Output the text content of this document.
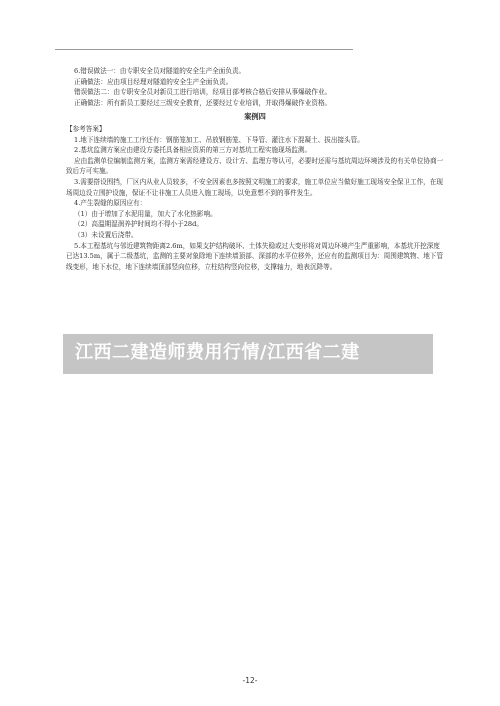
6.错误做法一：由专职安全员对隧道的安全生产全面负责。

正确做法：应由项目经理对隧道的安全生产全面负责。

错误做法二：由专职安全员对新员工进行培训，经项目部考核合格后安排从事爆破作业。

正确做法：所有新员工要经过三级安全教育，还要经过专业培训，并取得爆破作业资格。

案例四

【参考答案】

1.地下连续墙的施工工序还有：钢筋笼加工、吊放钢筋笼、下导管、灌注水下混凝土、拔出接头管。

2.基坑监测方案应由建设方委托具备相应资质的第三方对基坑工程实施现场监测。

应由监测单位编制监测方案，监测方案需经建设方、设计方、监理方等认可，必要时还需与基坑周边环境涉及的有关单位协商一致后方可实施。

3.需要搭设围挡，厂区内从业人员较多，不安全因素也多按照文明施工的要求，施工单位应当做好施工现场安全保卫工作，在现场周边设立围护设施，保证不让非施工人员进入施工现场，以免意想不到的事件发生。

4.产生裂缝的原因应有：

（1）由于增加了水泥用量，加大了水化热影响。

（2）高温期湿润养护时间均不得小于28d。

（3）未设置后浇带。

5.本工程基坑与邻近建筑物距离2.6m，如果支护结构破坏、土体失稳或过大变形将对周边环境产生严重影响，本基坑开挖深度已达13.5m，属于二级基坑，监测的主要对象除地下连续墙顶部、深部的水平位移外，还应有的监测项目为：周围建筑物、地下管线变形，地下水位，地下连续墙顶部竖向位移，立柱结构竖向位移，支撑轴力，地表沉降等。

江西二建造师费用行情/江西省二建
-12-
